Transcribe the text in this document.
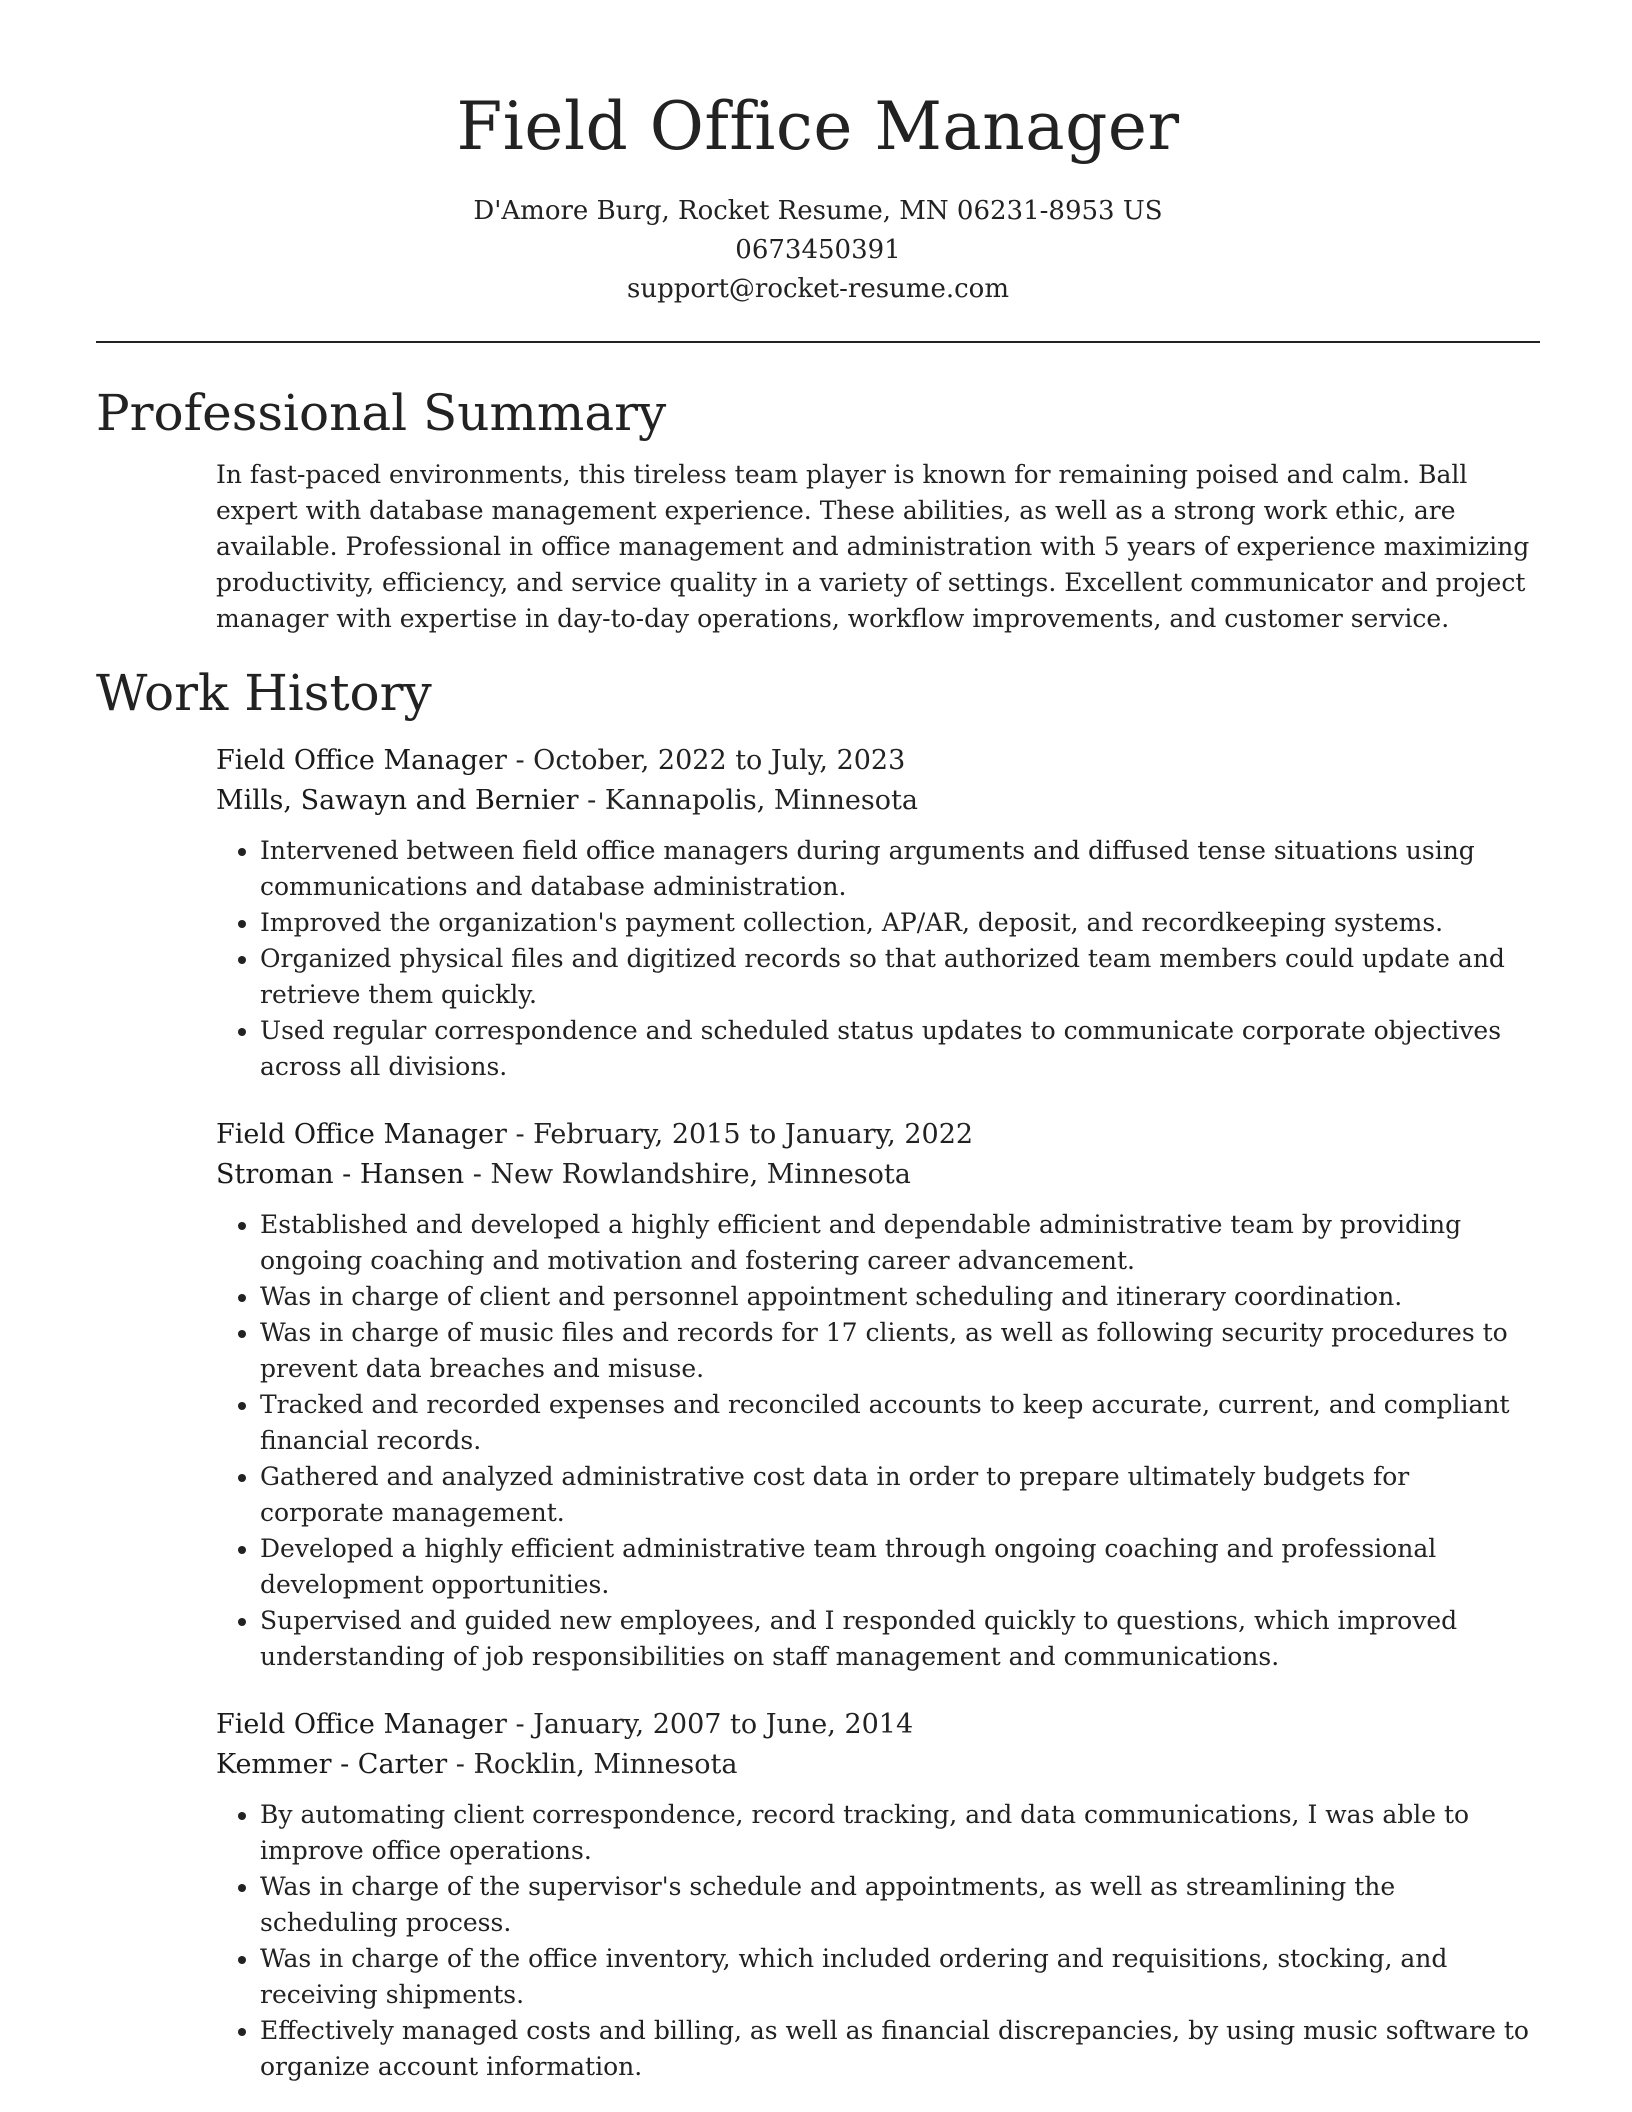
Field Office Manager
D'Amore Burg, Rocket Resume, MN 06231-8953 US
0673450391
support@rocket-resume.com
Professional Summary
In fast-paced environments, this tireless team player is known for remaining poised and calm. Ball expert with database management experience. These abilities, as well as a strong work ethic, are available. Professional in office management and administration with 5 years of experience maximizing productivity, efficiency, and service quality in a variety of settings. Excellent communicator and project manager with expertise in day-to-day operations, workflow improvements, and customer service.
Work History
Field Office Manager - October, 2022 to July, 2023
Mills, Sawayn and Bernier - Kannapolis, Minnesota
• Intervened between field office managers during arguments and diffused tense situations using communications and database administration.
• Improved the organization's payment collection, AP/AR, deposit, and recordkeeping systems.
• Organized physical files and digitized records so that authorized team members could update and retrieve them quickly.
• Used regular correspondence and scheduled status updates to communicate corporate objectives across all divisions.
Field Office Manager - February, 2015 to January, 2022
Stroman - Hansen - New Rowlandshire, Minnesota
• Established and developed a highly efficient and dependable administrative team by providing ongoing coaching and motivation and fostering career advancement.
• Was in charge of client and personnel appointment scheduling and itinerary coordination.
• Was in charge of music files and records for 17 clients, as well as following security procedures to prevent data breaches and misuse.
• Tracked and recorded expenses and reconciled accounts to keep accurate, current, and compliant financial records.
• Gathered and analyzed administrative cost data in order to prepare ultimately budgets for corporate management.
• Developed a highly efficient administrative team through ongoing coaching and professional development opportunities.
• Supervised and guided new employees, and I responded quickly to questions, which improved understanding of job responsibilities on staff management and communications.
Field Office Manager - January, 2007 to June, 2014
Kemmer - Carter - Rocklin, Minnesota
• By automating client correspondence, record tracking, and data communications, I was able to improve office operations.
• Was in charge of the supervisor's schedule and appointments, as well as streamlining the scheduling process.
• Was in charge of the office inventory, which included ordering and requisitions, stocking, and receiving shipments.
• Effectively managed costs and billing, as well as financial discrepancies, by using music software to organize account information.
